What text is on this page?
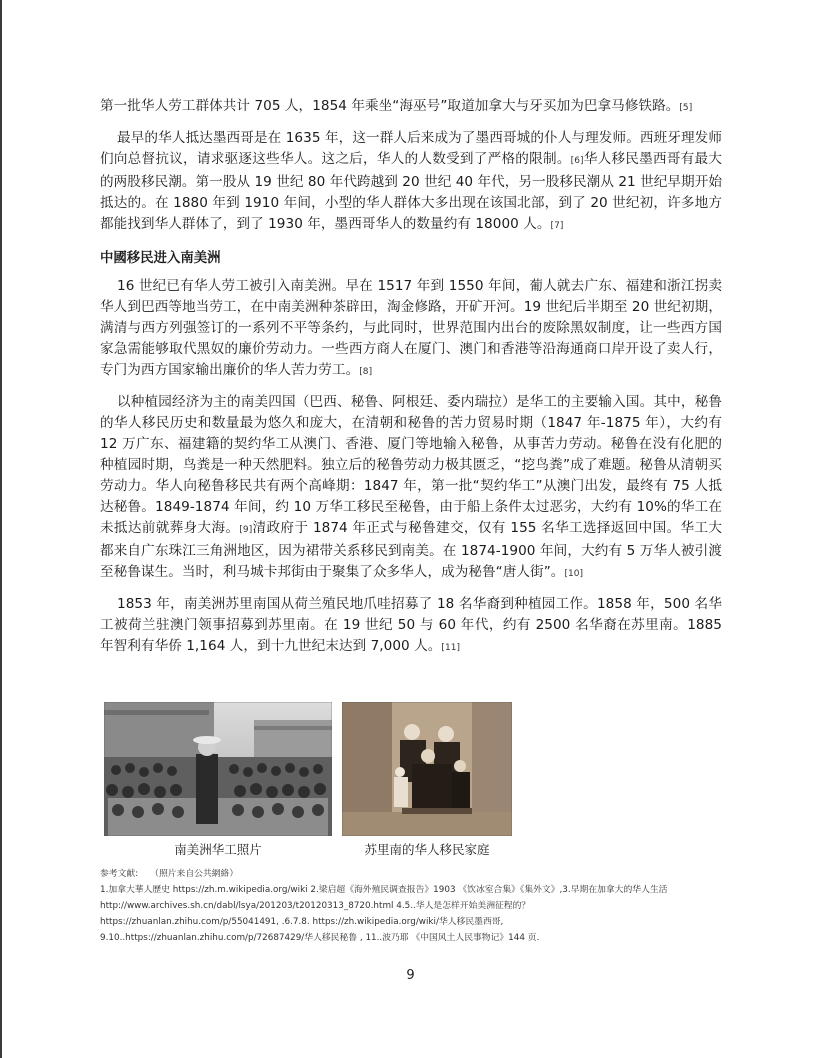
第一批华人劳工群体共计 705 人，1854 年乘坐“海巫号”取道加拿大与牙买加为巴拿马修铁路。[5]

最早的华人抵达墨西哥是在 1635 年，这一群人后来成为了墨西哥城的仆人与理发师。西班牙理发师们向总督抗议，请求驱逐这些华人。这之后，华人的人数受到了严格的限制。[6]华人移民墨西哥有最大的两股移民潮。第一股从 19 世纪 80 年代跨越到 20 世纪 40 年代，另一股移民潮从 21 世纪早期开始抵达的。在 1880 年到 1910 年间，小型的华人群体大多出现在该国北部，到了 20 世纪初，许多地方都能找到华人群体了，到了 1930 年，墨西哥华人的数量约有 18000 人。[7]

中國移民进入南美洲

16 世纪已有华人劳工被引入南美洲。早在 1517 年到 1550 年间，葡人就去广东、福建和浙江拐卖华人到巴西等地当劳工，在中南美洲种茶辟田，淘金修路，开矿开河。19 世纪后半期至 20 世纪初期，满清与西方列强签订的一系列不平等条约，与此同时，世界范围内出台的废除黑奴制度，让一些西方国家急需能够取代黑奴的廉价劳动力。一些西方商人在厦门、澳门和香港等沿海通商口岸开设了卖人行，专门为西方国家输出廉价的华人苦力劳工。[8]

以种植园经济为主的南美四国（巴西、秘鲁、阿根廷、委内瑞拉）是华工的主要输入国。其中，秘鲁的华人移民历史和数量最为悠久和庞大，在清朝和秘鲁的苦力贸易时期（1847 年-1875 年），大约有 12 万广东、福建籍的契约华工从澳门、香港、厦门等地输入秘鲁，从事苦力劳动。秘鲁在没有化肥的种植园时期，鸟粪是一种天然肥料。独立后的秘鲁劳动力极其匮乏，“挖鸟粪”成了难题。秘鲁从清朝买劳动力。华人向秘鲁移民共有两个高峰期：1847 年，第一批“契约华工”从澳门出发，最终有 75 人抵达秘鲁。1849-1874 年间，约 10 万华工移民至秘鲁，由于船上条件太过恶劣，大约有 10%的华工在未抵达前就葬身大海。[9]清政府于 1874 年正式与秘鲁建交，仅有 155 名华工选择返回中国。华工大都来自广东珠江三角洲地区，因为裙带关系移民到南美。在 1874-1900 年间，大约有 5 万华人被引渡至秘鲁谋生。当时，利马城卡邦街由于聚集了众多华人，成为秘鲁“唐人街”。[10]

1853 年，南美洲苏里南国从荷兰殖民地爪哇招募了 18 名华裔到种植园工作。1858 年，500 名华工被荷兰驻澳门领事招募到苏里南。在 19 世纪 50 与 60 年代，约有 2500 名华裔在苏里南。1885 年智利有华侨 1,164 人，到十九世纪末达到 7,000 人。[11]

南美洲华工照片	苏里南的华人移民家庭

参考文献: （照片来自公共網絡）

1.加拿大華人歷史 https://zh.m.wikipedia.org/wiki 2.梁启超《海外殖民调查报告》1903 《饮冰室合集》《集外文》,3.早期在加拿大的华人生活 http://www.archives.sh.cn/dabl/lsya/201203/t20120313_8720.html 4.5..华人是怎样开始美洲征程的？

https://zhuanlan.zhihu.com/p/55041491, .6.7.8. https://zh.wikipedia.org/wiki/华人移民墨西哥,

9.10..https://zhuanlan.zhihu.com/p/72687429/华人移民秘鲁 , 11..波乃耶 《中国风土人民事物记》144 页.

9
